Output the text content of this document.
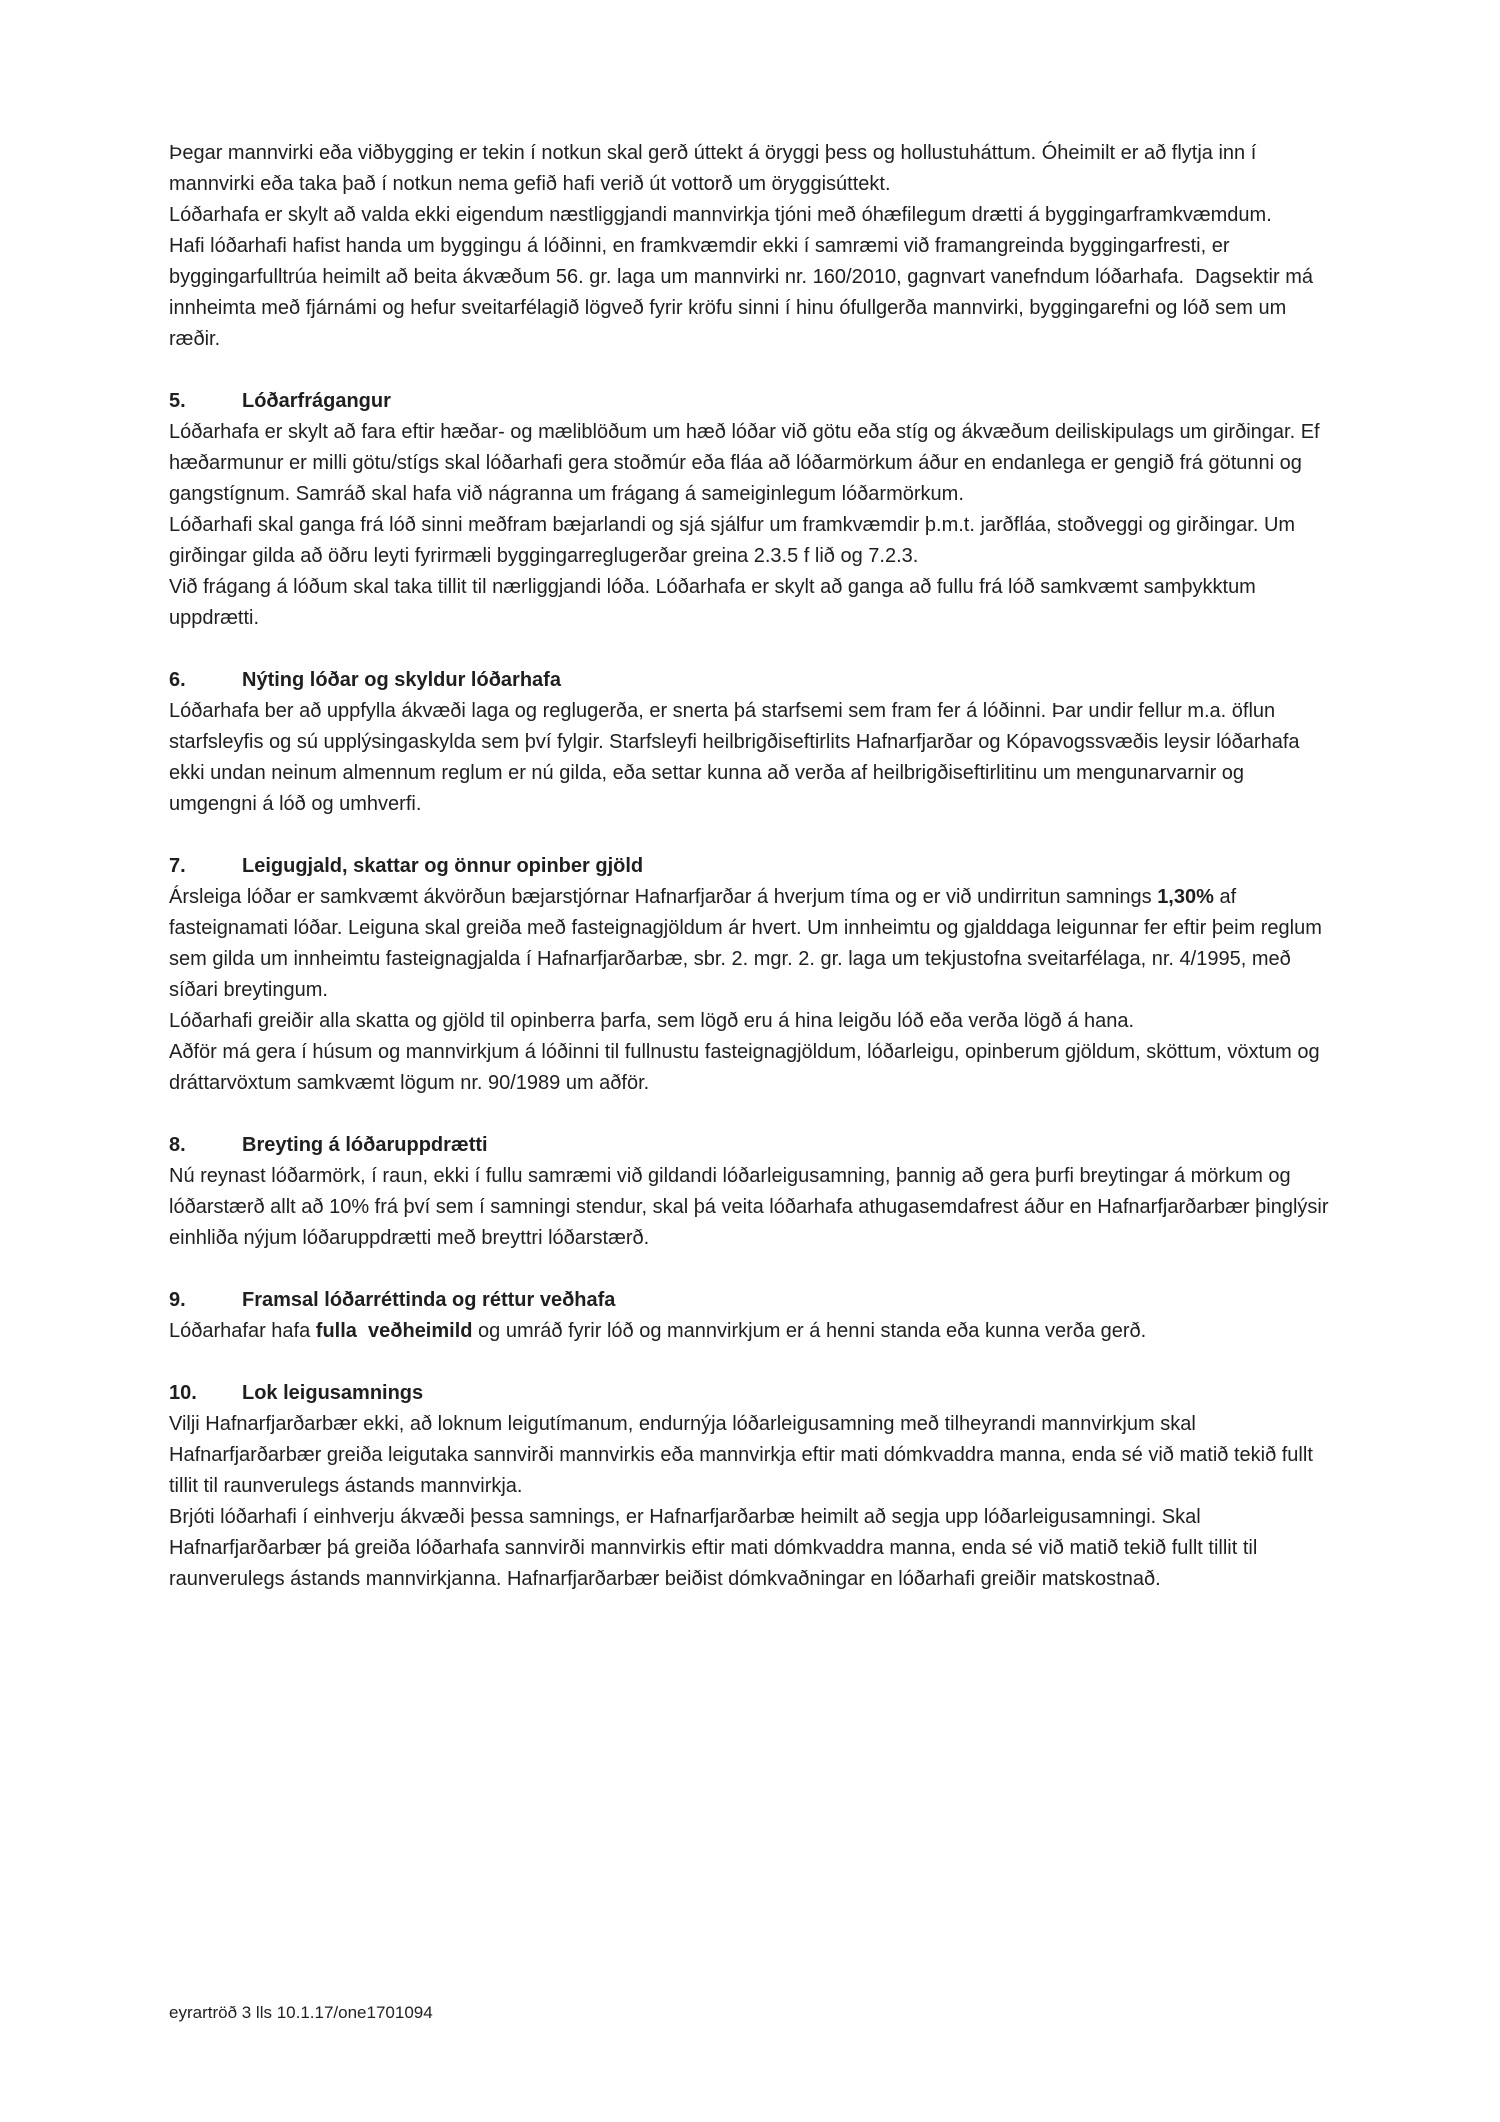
Þegar mannvirki eða viðbygging er tekin í notkun skal gerð úttekt á öryggi þess og hollustuháttum. Óheimilt er að flytja inn í mannvirki eða taka það í notkun nema gefið hafi verið út vottorð um öryggisúttekt.

Lóðarhafa er skylt að valda ekki eigendum næstliggjandi mannvirkja tjóni með óhæfilegum drætti á byggingarframkvæmdum.

Hafi lóðarhafi hafist handa um byggingu á lóðinni, en framkvæmdir ekki í samræmi við framangreinda byggingarfresti, er byggingarfulltrúa heimilt að beita ákvæðum 56. gr. laga um mannvirki nr. 160/2010, gagnvart vanefndum lóðarhafa.  Dagsektir má innheimta með fjárnámi og hefur sveitarfélagið lögveð fyrir kröfu sinni í hinu ófullgerða mannvirki, byggingarefni og lóð sem um ræðir.

5.	Lóðarfrágangur

Lóðarhafa er skylt að fara eftir hæðar- og mæliblöðum um hæð lóðar við götu eða stíg og ákvæðum deiliskipulags um girðingar. Ef hæðarmunur er milli götu/stígs skal lóðarhafi gera stoðmúr eða fláa að lóðarmörkum áður en endanlega er gengið frá götunni og gangstígnum. Samráð skal hafa við nágranna um frágang á sameiginlegum lóðarmörkum.

Lóðarhafi skal ganga frá lóð sinni meðfram bæjarlandi og sjá sjálfur um framkvæmdir þ.m.t. jarðfláa, stoðveggi og girðingar. Um girðingar gilda að öðru leyti fyrirmæli byggingarreglugerðar greina 2.3.5 f lið og 7.2.3.

Við frágang á lóðum skal taka tillit til nærliggjandi lóða. Lóðarhafa er skylt að ganga að fullu frá lóð samkvæmt samþykktum uppdrætti.

6.	Nýting lóðar og skyldur lóðarhafa

Lóðarhafa ber að uppfylla ákvæði laga og reglugerða, er snerta þá starfsemi sem fram fer á lóðinni. Þar undir fellur m.a. öflun starfsleyfis og sú upplýsingaskylda sem því fylgir. Starfsleyfi heilbrigðiseftirlits Hafnarfjarðar og Kópavogssvæðis leysir lóðarhafa ekki undan neinum almennum reglum er nú gilda, eða settar kunna að verða af heilbrigðiseftirlitinu um mengunarvarnir og umgengni á lóð og umhverfi.

7.	Leigugjald, skattar og önnur opinber gjöld

Ársleiga lóðar er samkvæmt ákvörðun bæjarstjórnar Hafnarfjarðar á hverjum tíma og er við undirritun samnings 1,30% af fasteignamati lóðar. Leiguna skal greiða með fasteignagjöldum ár hvert. Um innheimtu og gjalddaga leigunnar fer eftir þeim reglum sem gilda um innheimtu fasteignagjalda í Hafnarfjarðarbæ, sbr. 2. mgr. 2. gr. laga um tekjustofna sveitarfélaga, nr. 4/1995, með síðari breytingum.

Lóðarhafi greiðir alla skatta og gjöld til opinberra þarfa, sem lögð eru á hina leigðu lóð eða verða lögð á hana.

Aðför má gera í húsum og mannvirkjum á lóðinni til fullnustu fasteignagjöldum, lóðarleigu, opinberum gjöldum, sköttum, vöxtum og dráttarvöxtum samkvæmt lögum nr. 90/1989 um aðför.

8.	Breyting á lóðaruppdrætti

Nú reynast lóðarmörk, í raun, ekki í fullu samræmi við gildandi lóðarleigusamning, þannig að gera þurfi breytingar á mörkum og lóðarstærð allt að 10% frá því sem í samningi stendur, skal þá veita lóðarhafa athugasemdafrest áður en Hafnarfjarðarbær þinglýsir einhliða nýjum lóðaruppdrætti með breyttri lóðarstærð.

9.	Framsal lóðarréttinda og réttur veðhafa

Lóðarhafar hafa fulla  veðheimild og umráð fyrir lóð og mannvirkjum er á henni standa eða kunna verða gerð.

10.	Lok leigusamnings

Vilji Hafnarfjarðarbær ekki, að loknum leigutímanum, endurnýja lóðarleigusamning með tilheyrandi mannvirkjum skal Hafnarfjarðarbær greiða leigutaka sannvirði mannvirkis eða mannvirkja eftir mati dómkvaddra manna, enda sé við matið tekið fullt tillit til raunverulegs ástands mannvirkja.

Brjóti lóðarhafi í einhverju ákvæði þessa samnings, er Hafnarfjarðarbæ heimilt að segja upp lóðarleigusamningi. Skal Hafnarfjarðarbær þá greiða lóðarhafa sannvirði mannvirkis eftir mati dómkvaddra manna, enda sé við matið tekið fullt tillit til raunverulegs ástands mannvirkjanna. Hafnarfjarðarbær beiðist dómkvaðningar en lóðarhafi greiðir matskostnað.

eyrartröð 3 lls 10.1.17/one1701094
